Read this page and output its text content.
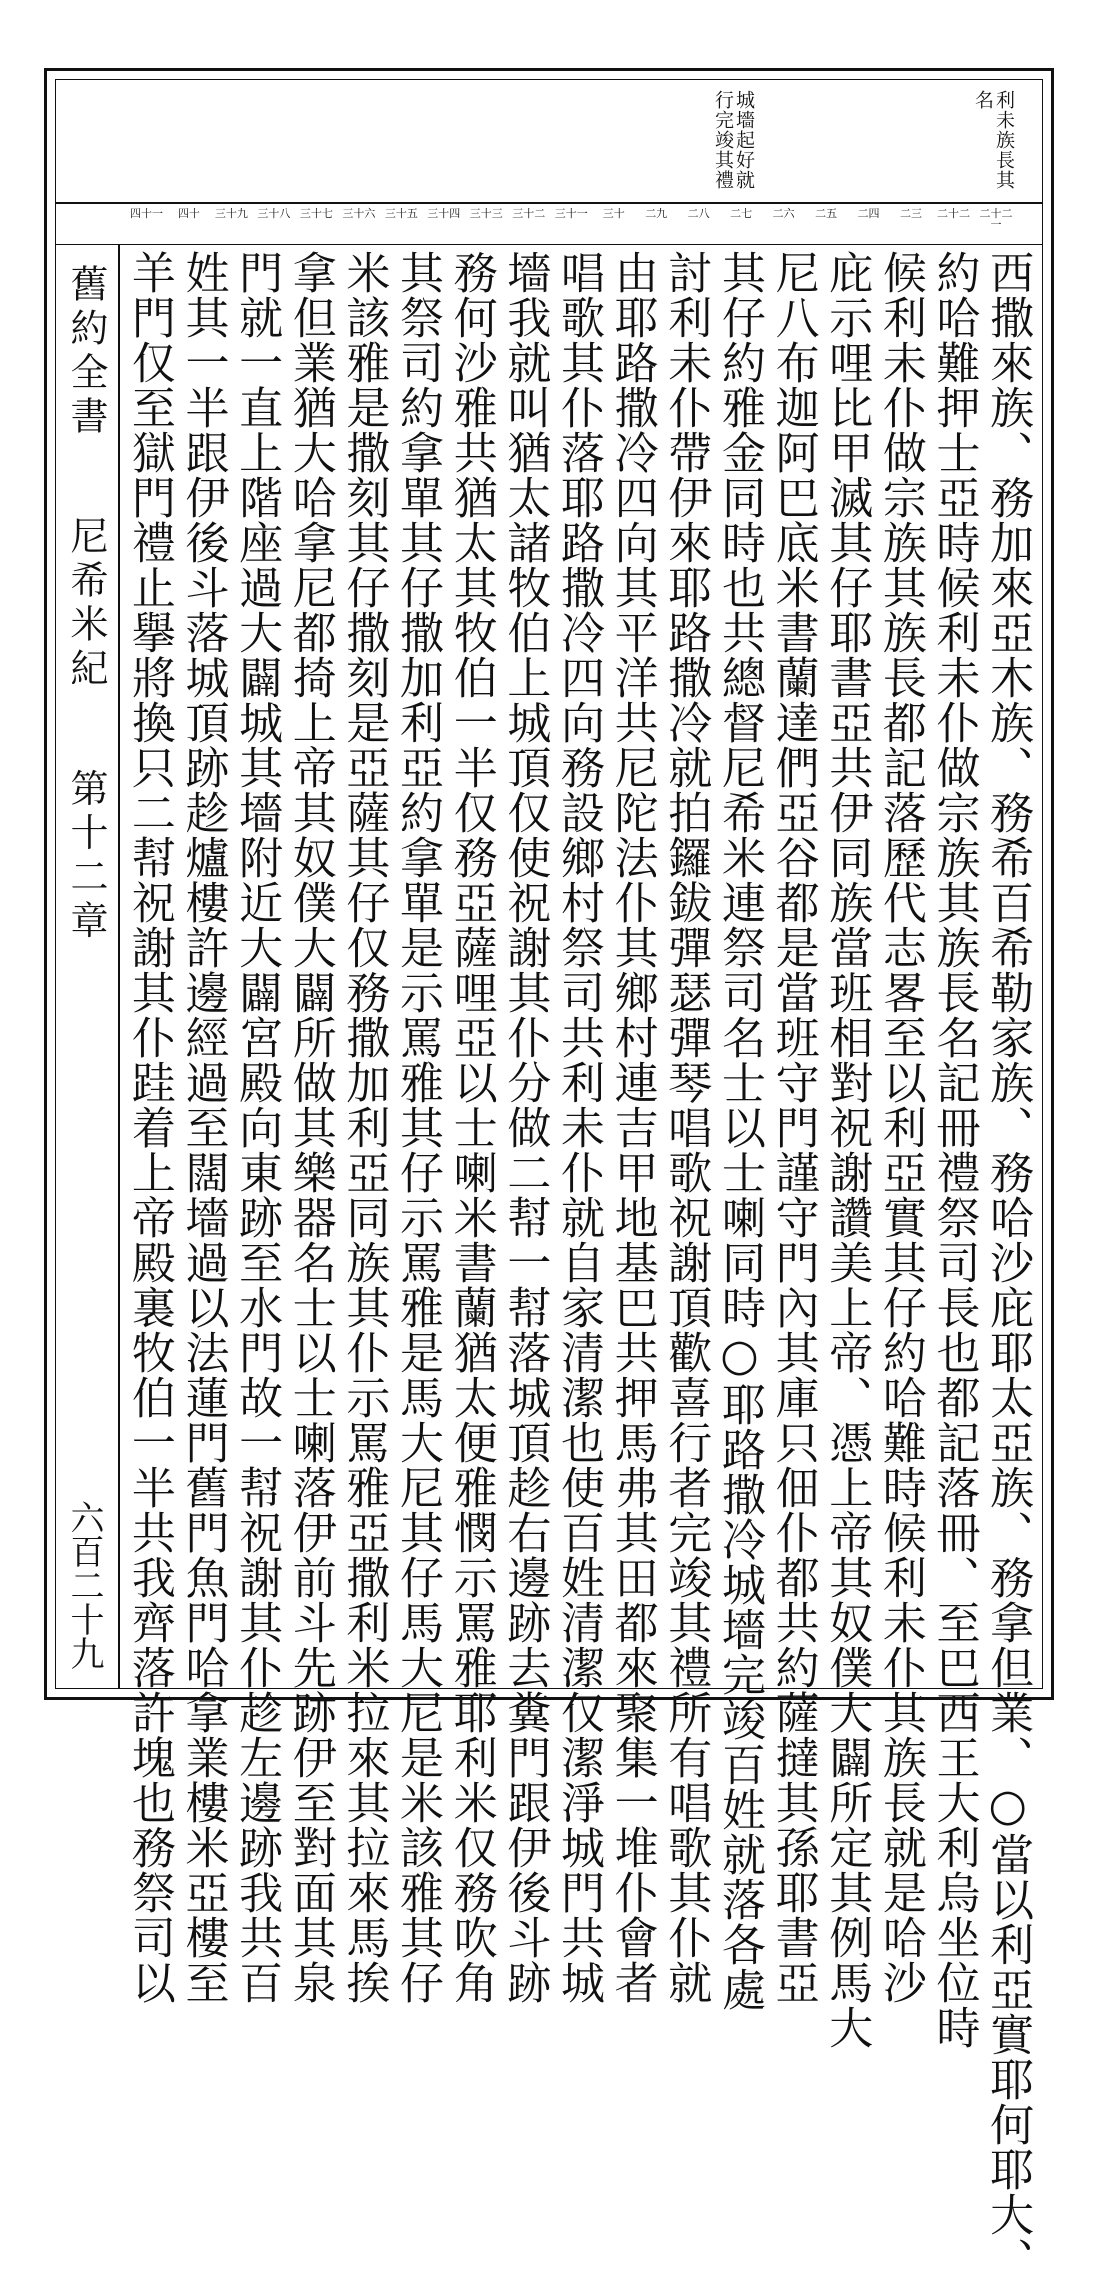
利未族長其名
城墻起好就行完竣其禮
二十二一
二十二
二三
二四
二五
二六
二七
二八
二九
三十
三十一
三十二
三十三
三十四
三十五
三十六
三十七
三十八
三十九
四十
四十一
舊約全書  尼希米紀  第十二章
六百二十九	西撒來族、務加來亞木族、務希百希勒家族、務哈沙庇耶太亞族、務拿但業、○當以利亞實耶何耶大、
約哈難押士亞時候利未仆做宗族其族長名記冊禮祭司長也都記落冊、至巴西王大利烏坐位時
候利未仆做宗族其族長都記落歷代志畧至以利亞實其仔約哈難時候利未仆其族長就是哈沙
庇示哩比甲滅其仔耶書亞共伊同族當班相對祝謝讚美上帝、憑上帝其奴僕大闢所定其例馬大
尼八布迦阿巴底米書蘭達們亞谷都是當班守門謹守門內其庫只佃仆都共約薩撻其孫耶書亞
其仔約雅金同時也共總督尼希米連祭司名士以士喇同時○耶路撒冷城墻完竣百姓就落各處
討利未仆帶伊來耶路撒冷就拍鑼鈸彈瑟彈琴唱歌祝謝頂歡喜行者完竣其禮所有唱歌其仆就
由耶路撒冷四向其平洋共尼陀法仆其鄉村連吉甲地基巴共押馬弗其田都來聚集一堆仆會者
唱歌其仆落耶路撒冷四向務設鄉村祭司共利未仆就自家清潔也使百姓清潔仅潔淨城門共城
墻我就叫猶太諸牧伯上城頂仅使祝謝其仆分做二幇一幇落城頂趁右邊跡去糞門跟伊後斗跡
務何沙雅共猶太其牧伯一半仅務亞薩哩亞以士喇米書蘭猶太便雅憫示罵雅耶利米仅務吹角
其祭司約拿單其仔撒加利亞約拿單是示罵雅其仔示罵雅是馬大尼其仔馬大尼是米該雅其仔
米該雅是撒刻其仔撒刻是亞薩其仔仅務撒加利亞同族其仆示罵雅亞撒利米拉來其拉來馬挨
拿但業猶大哈拿尼都掎上帝其奴僕大闢所做其樂器名士以士喇落伊前斗先跡伊至對面其泉
門就一直上階座過大闢城其墻附近大闢宮殿向東跡至水門故一幇祝謝其仆趁左邊跡我共百
姓其一半跟伊後斗落城頂跡趁爐樓許邊經過至闊墻過以法蓮門舊門魚門哈拿業樓米亞樓至
羊門仅至獄門禮止擧將換只二幇祝謝其仆跬着上帝殿裏牧伯一半共我齊落許塊也務祭司以
